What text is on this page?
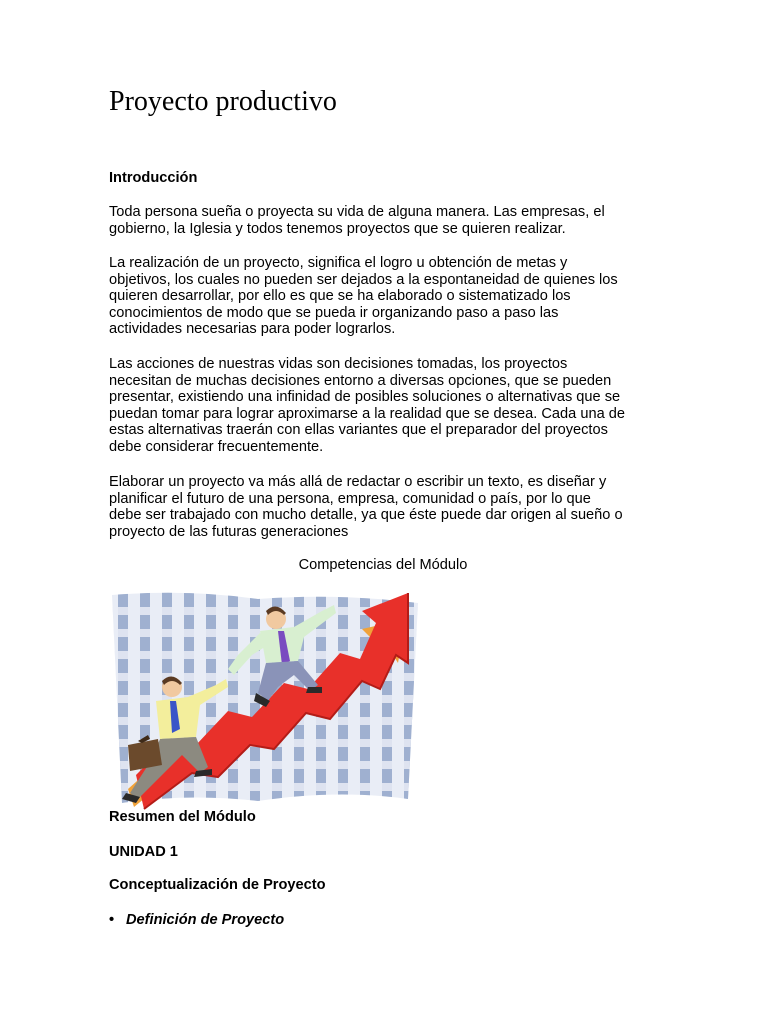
Proyecto productivo
Introducción
Toda persona sueña o proyecta su vida de alguna manera. Las empresas, el
gobierno, la Iglesia y todos tenemos proyectos que se quieren realizar.
La realización de un proyecto, significa el logro u obtención de metas y
objetivos, los cuales no pueden ser dejados a la espontaneidad de quienes los
quieren desarrollar, por ello es que se ha elaborado o sistematizado los
conocimientos de modo que se pueda ir organizando paso a paso las
actividades necesarias para poder lograrlos.
Las acciones de nuestras vidas son decisiones tomadas, los proyectos
necesitan de muchas decisiones entorno a diversas opciones, que se pueden
presentar, existiendo una infinidad de posibles soluciones o alternativas que se
puedan tomar para lograr aproximarse a la realidad que se desea. Cada una de
estas alternativas traerán con ellas variantes que el preparador del proyectos
debe considerar frecuentemente.
Elaborar un proyecto va más allá de redactar o escribir un texto, es diseñar y
planificar el futuro de una persona, empresa, comunidad o país, por lo que
debe ser trabajado con mucho detalle, ya que éste puede dar origen al sueño o
proyecto de las futuras generaciones
Competencias del Módulo
Resumen del Módulo
UNIDAD 1
Conceptualización de Proyecto
• Definición de Proyecto
